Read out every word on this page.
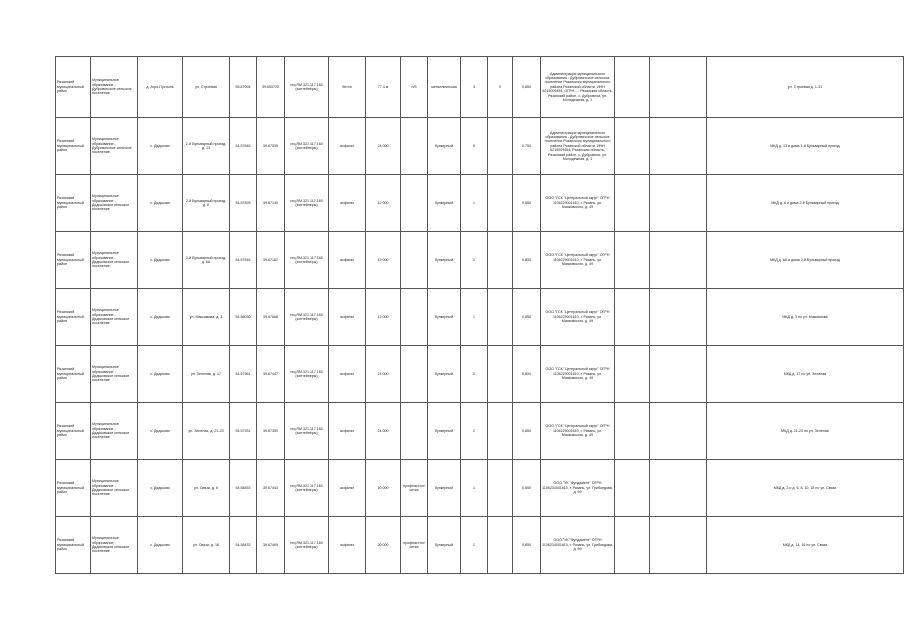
Рязанский муниципальный район	Муниципальное образование - Дубровичское сельское поселение	д. Агро-Пустынь	ул. Строевая	55.87094	39.655720	req.RM.321.117.160 (контейнеры)	бетон	77.4 м	н/б	металлическая	3	0	0,850	Администрация муниципального образования - Дубровичское сельское поселение Рязанского муниципального района Рязанской области, ИНН 6215009454, ОГРН ..., Рязанская область, Рязанский район, с. Дубровичи, ул. Молодежная, д. 1			ул. Строевая д. 1-31
Рязанский муниципальный район	Муниципальное образование - Дубровичское сельское поселение	с. Дядьково	2-й Бульварный проезд, д. 13	54.57845	39.67339	req.RM.321.117.160 (контейнеры)	асфальт	24.000		бункерный	5		0,750	Администрация муниципального образования - Дубровичское сельское поселение Рязанского муниципального района Рязанской области, ИНН 6215009454, Рязанская область, Рязанский район, с. Дубровичи, ул. Молодежная, д. 1			МКД д. 13 и дома 1-й Бульварный проезд
Рязанский муниципальный район	Муниципальное образование - Дядьковское сельское поселение	с. Дядьково	2-й Бульварный проезд, д. 6	54.57826	39.67140	req.RM.321.117.160 (контейнеры)	асфальт	12.000		бункерный	1		0,850	ООО "ГСК "Центральный округ" ОГРН 1106229001610, г. Рязань, ул. Маяковского, д. 49			МКД д. 6 и дома 2-й Бульварный проезд
Рязанский муниципальный район	Муниципальное образование - Дядьковское сельское поселение	с. Дядьково	2-й Бульварный проезд, д. 6А	54.57816	39.67162	req.RM.321.117.160 (контейнеры)	асфальт	12.000		бункерный	1		0,850	ООО "ГСК "Центральный округ" ОГРН 1106229001610, г. Рязань, ул. Маяковского, д. 49			МКД д. 6А и дома 2-й Бульварный проезд
Рязанский муниципальный район	Муниципальное образование - Дядьковское сельское поселение	с. Дядьково	ул. Максимова, д. 3	54.58030	39.67668	req.RM.321.117.160 (контейнеры)	асфальт	12.000		бункерный	1		0,850	ООО "ГСК "Центральный округ" ОГРН 1106229001610, г. Рязань, ул. Маяковского, д. 49			МКД д. 3 по ул. Максимова
Рязанский муниципальный район	Муниципальное образование - Дядьковское сельское поселение	с. Дядьково	ул. Зеленая, д. 17	54.57961	39.67447	req.RM.321.117.160 (контейнеры)	асфальт	24.000		бункерный	2		0,850	ООО "ГСК "Центральный округ" ОГРН 1106229001610, г. Рязань, ул. Маяковского, д. 49			МКД д. 17 по ул. Зеленая
Рязанский муниципальный район	Муниципальное образование - Дядьковское сельское поселение	с. Дядьково	ул. Зеленая, д. 21-23	54.57931	39.67350	req.RM.321.117.160 (контейнеры)	асфальт	24.000		бункерный	2		0,850	ООО "ГСК "Центральный округ" ОГРН 1106229001610, г. Рязань, ул. Маяковского, д. 49			МКД д. 21-23 по ул. Зеленая
Рязанский муниципальный район	Муниципальное образование - Дядьковское сельское поселение	с. Дядьково	ул. Связи, д. 6	54.58453	39.67443	req.RM.321.117.160 (контейнеры)	асфальт	10.000	профнастил/сетка	бункерный	1		0,850	ООО "УК "Фундамент" ОГРН 1106234001610, г. Рязань, ул. Грибоедова, д. 59			МКД д. 2 и д. 6, 8, 10, 18 по ул. Связи
Рязанский муниципальный район	Муниципальное образование - Дядьковское сельское поселение	с. Дядьково	ул. Связи, д. 16	54.58433	39.67469	req.RM.321.117.160 (контейнеры)	асфальт	20.000	профнастил/сетка	бункерный	1		0,850	ООО "УК "Фундамент" ОГРН 1106234001610, г. Рязань, ул. Грибоедова, д. 59			МКД д. 14, 16 по ул. Связи
